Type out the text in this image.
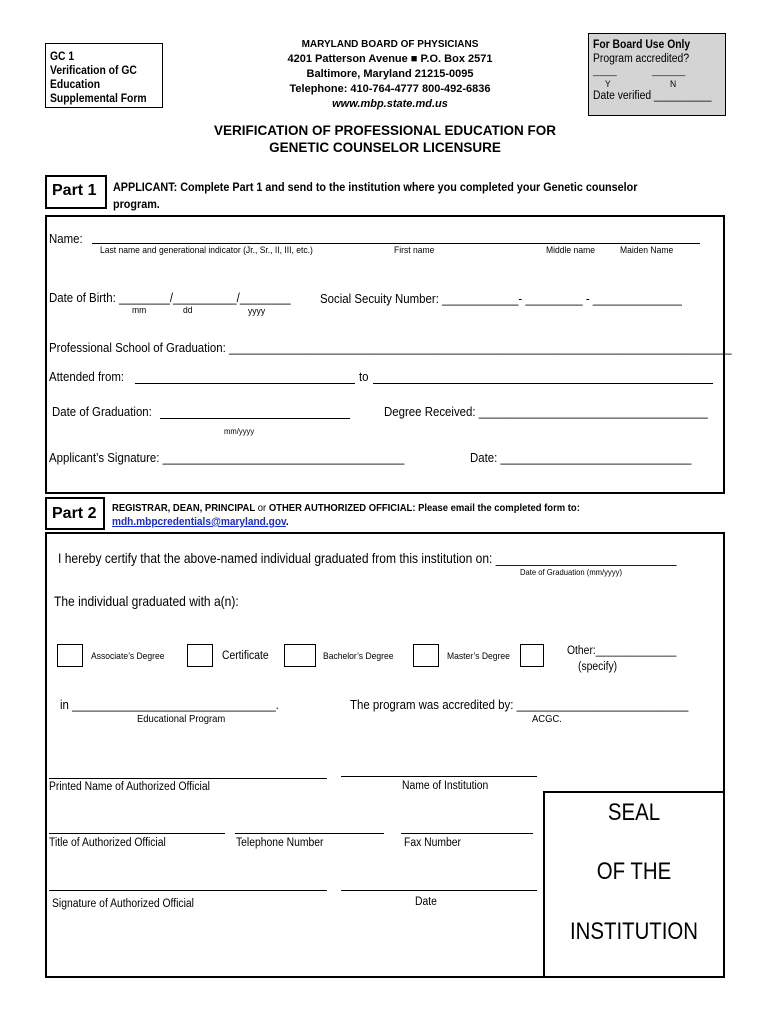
GC 1
Verification of GC
Education
Supplemental Form
MARYLAND BOARD OF PHYSICIANS
4201 Patterson Avenue ■ P.O. Box 2571
Baltimore, Maryland 21215-0095
Telephone: 410-764-4777 800-492-6836
www.mbp.state.md.us
For Board Use Only
Program accredited?
_____	_______
Y	N
Date verified __________
VERIFICATION OF PROFESSIONAL EDUCATION FOR
GENETIC COUNSELOR LICENSURE
Part 1 APPLICANT: Complete Part 1 and send to the institution where you completed your Genetic counselor
program.
Name:
Last name and generational indicator (Jr., Sr., II, III, etc.)	First name	Middle name	Maiden Name
Date of Birth: ________/__________/________
mm	dd	yyyy
Social Secuity Number: ____________- _________ - ______________
Professional School of Graduation: _______________________________________________________________________________
Attended from:	to
Date of Graduation:
mm/yyyy
Degree Received: ____________________________________
Applicant’s Signature: ______________________________________	Date: ______________________________
Part 2 REGISTRAR, DEAN, PRINCIPAL or OTHER AUTHORIZED OFFICIAL: Please email the completed form to:
mdh.mbpcredentials@maryland.gov.
I hereby certify that the above-named individual graduated from this institution on: ___________________________
Date of Graduation (mm/yyyy)
The individual graduated with a(n):
Associate’s Degree	Certificate	Bachelor’s Degree	Master’s Degree	Other:______________
(specify)
in ________________________________.
Educational Program
The program was accredited by: ___________________________
ACGC.
Printed Name of Authorized Official	Name of Institution
Title of Authorized Official	Telephone Number	Fax Number
Signature of Authorized Official	Date
SEAL
OF THE
INSTITUTION
